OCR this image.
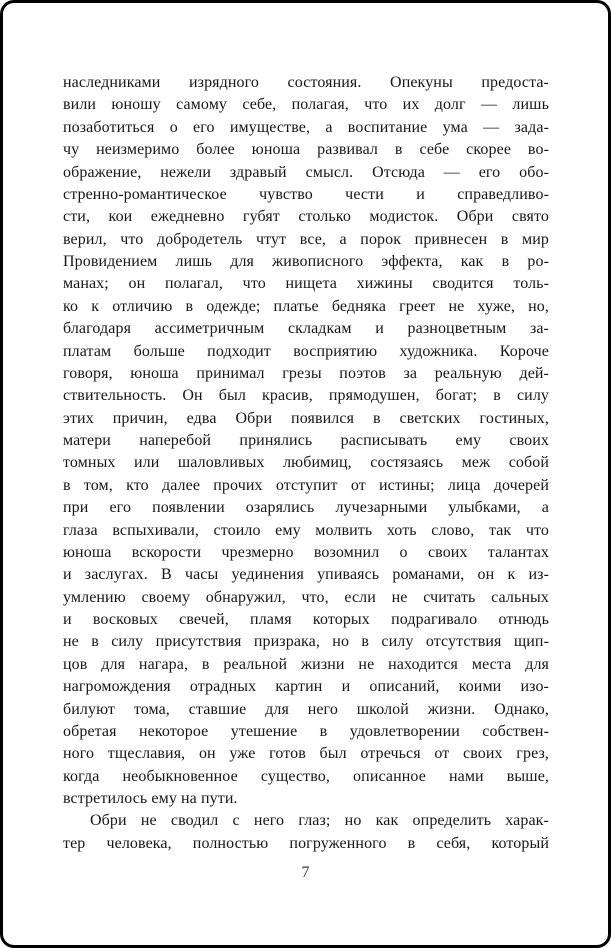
наследниками изрядного состояния. Опекуны предоста-
вили юношу самому себе, полагая, что их долг — лишь
позаботиться о его имуществе, а воспитание ума — зада-
чу неизмеримо более юноша развивал в себе скорее во-
ображение, нежели здравый смысл. Отсюда — его обо-
стренно-романтическое чувство чести и справедливо-
сти, кои ежедневно губят столько модисток. Обри свято
верил, что добродетель чтут все, а порок привнесен в мир
Провидением лишь для живописного эффекта, как в ро-
манах; он полагал, что нищета хижины сводится толь-
ко к отличию в одежде; платье бедняка греет не хуже, но,
благодаря ассиметричным складкам и разноцветным за-
платам больше подходит восприятию художника. Короче
говоря, юноша принимал грезы поэтов за реальную дей-
ствительность. Он был красив, прямодушен, богат; в силу
этих причин, едва Обри появился в светских гостиных,
матери наперебой принялись расписывать ему своих
томных или шаловливых любимиц, состязаясь меж собой
в том, кто далее прочих отступит от истины; лица дочерей
при его появлении озарялись лучезарными улыбками, а
глаза вспыхивали, стоило ему молвить хоть слово, так что
юноша вскорости чрезмерно возомнил о своих талантах
и заслугах. В часы уединения упиваясь романами, он к из-
умлению своему обнаружил, что, если не считать сальных
и восковых свечей, пламя которых подрагивало отнюдь
не в силу присутствия призрака, но в силу отсутствия щип-
цов для нагара, в реальной жизни не находится места для
нагромождения отрадных картин и описаний, коими изо-
билуют тома, ставшие для него школой жизни. Однако,
обретая некоторое утешение в удовлетворении собствен-
ного тщеславия, он уже готов был отречься от своих грез,
когда необыкновенное существо, описанное нами выше,
встретилось ему на пути.
Обри не сводил с него глаз; но как определить харак-
тер человека, полностью погруженного в себя, который
7
